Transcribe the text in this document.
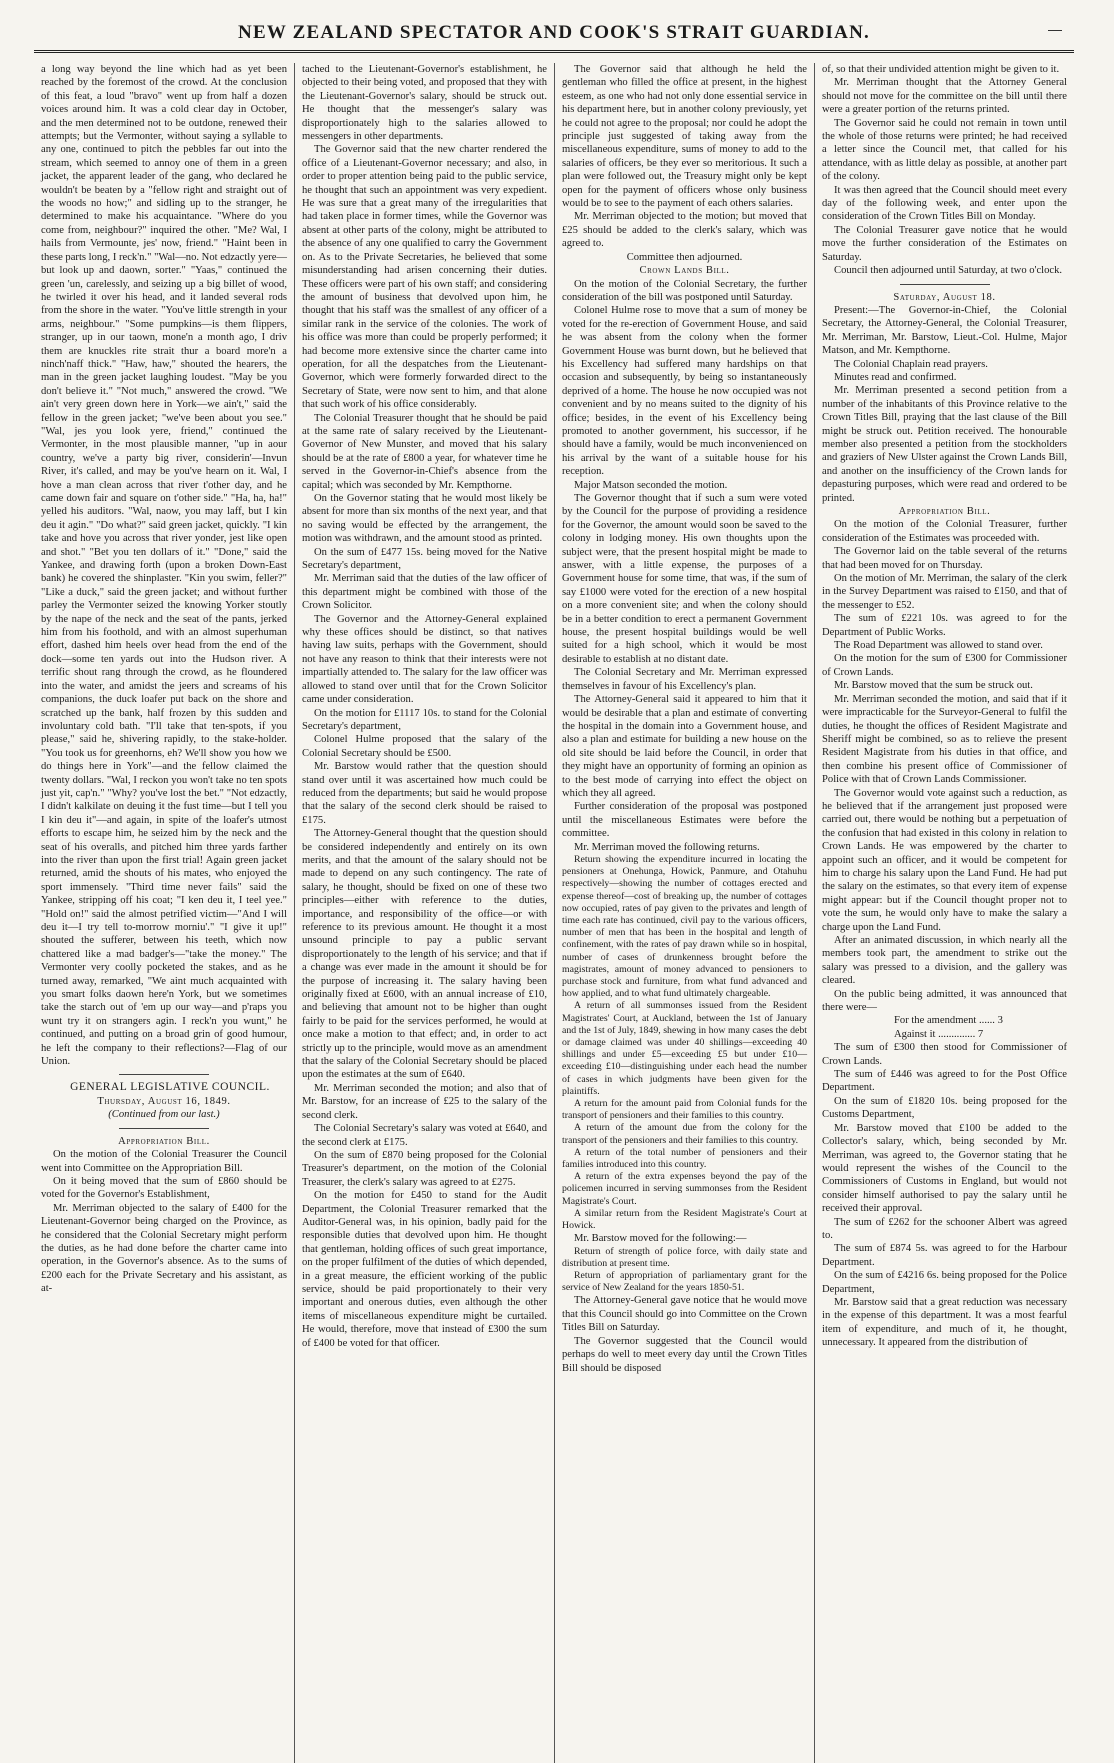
NEW ZEALAND SPECTATOR AND COOK'S STRAIT GUARDIAN.

a long way beyond the line which had as yet been reached by the foremost of the crowd. At the conclusion of this feat, a loud "bravo" went up from half a dozen voices around him. It was a cold clear day in October, and the men determined not to be outdone, renewed their attempts; but the Vermonter, without saying a syllable to any one, continued to pitch the pebbles far out into the stream, which seemed to annoy one of them in a green jacket, the apparent leader of the gang, who declared he wouldn't be beaten by a "fellow right and straight out of the woods no how;" and sidling up to the stranger, he determined to make his acquaintance. "Where do you come from, neighbour?" inquired the other. "Me? Wal, I hails from Vermounte, jes' now, friend." "Haint been in these parts long, I reck'n." "Wal—no. Not edzactly yere—but look up and daown, sorter." "Yaas," continued the green 'un, carelessly, and seizing up a big billet of wood, he twirled it over his head, and it landed several rods from the shore in the water. "You've little strength in your arms, neighbour." "Some pumpkins—is them flippers, stranger, up in our taown, mone'n a month ago, I driv them are knuckles rite strait thur a board more'n a ninch'naff thick." "Haw, haw," shouted the hearers, the man in the green jacket laughing loudest. "May be you don't believe it." "Not much," answered the crowd. "We ain't very green down here in York—we ain't," said the fellow in the green jacket; "we've been about you see." "Wal, jes you look yere, friend," continued the Vermonter, in the most plausible manner, "up in aour country, we've a party big river, considerin'—Invun River, it's called, and may be you've hearn on it. Wal, I hove a man clean across that river t'other day, and he came down fair and square on t'other side." "Ha, ha, ha!" yelled his auditors. "Wal, naow, you may laff, but I kin deu it agin." "Do what?" said green jacket, quickly. "I kin take and hove you across that river yonder, jest like open and shot." "Bet you ten dollars of it." "Done," said the Yankee, and drawing forth (upon a broken Down-East bank) he covered the shinplaster. "Kin you swim, feller?" "Like a duck," said the green jacket; and without further parley the Vermonter seized the knowing Yorker stoutly by the nape of the neck and the seat of the pants, jerked him from his foothold, and with an almost superhuman effort, dashed him heels over head from the end of the dock—some ten yards out into the Hudson river. A terrific shout rang through the crowd, as he floundered into the water, and amidst the jeers and screams of his companions, the duck loafer put back on the shore and scratched up the bank, half frozen by this sudden and involuntary cold bath. "I'll take that ten-spots, if you please," said he, shivering rapidly, to the stake-holder. "You took us for greenhorns, eh? We'll show you how we do things here in York"—and the fellow claimed the twenty dollars. "Wal, I reckon you won't take no ten spots just yit, cap'n." "Why? you've lost the bet." "Not edzactly, I didn't kalkilate on deuing it the fust time—but I tell you I kin deu it"—and again, in spite of the loafer's utmost efforts to escape him, he seized him by the neck and the seat of his overalls, and pitched him three yards farther into the river than upon the first trial! Again green jacket returned, amid the shouts of his mates, who enjoyed the sport immensely. "Third time never fails" said the Yankee, stripping off his coat; "I ken deu it, I teel yee." "Hold on!" said the almost petrified victim—"And I will deu it—I try tell to-morrow morniu'." "I give it up!" shouted the sufferer, between his teeth, which now chattered like a mad badger's—"take the money." The Vermonter very coolly pocketed the stakes, and as he turned away, remarked, "We aint much acquainted with you smart folks daown here'n York, but we sometimes take the starch out of 'em up our way—and p'raps you wunt try it on strangers agin. I reck'n you wunt," he continued, and putting on a broad grin of good humour, he left the company to their reflections?—Flag of our Union.

GENERAL LEGISLATIVE COUNCIL.

Thursday, August 16, 1849.

(Continued from our last.)

Appropriation Bill.

On the motion of the Colonial Treasurer the Council went into Committee on the Appropriation Bill.

On it being moved that the sum of £860 should be voted for the Governor's Establishment,

Mr. Merriman objected to the salary of £400 for the Lieutenant-Governor being charged on the Province, as he considered that the Colonial Secretary might perform the duties, as he had done before the charter came into operation, in the Governor's absence. As to the sums of £200 each for the Private Secretary and his assistant, as at-

tached to the Lieutenant-Governor's establishment, he objected to their being voted, and proposed that they with the Lieutenant-Governor's salary, should be struck out. He thought that the messenger's salary was disproportionately high to the salaries allowed to messengers in other departments.

The Governor said that the new charter rendered the office of a Lieutenant-Governor necessary; and also, in order to proper attention being paid to the public service, he thought that such an appointment was very expedient. He was sure that a great many of the irregularities that had taken place in former times, while the Governor was absent at other parts of the colony, might be attributed to the absence of any one qualified to carry the Government on. As to the Private Secretaries, he believed that some misunderstanding had arisen concerning their duties. These officers were part of his own staff; and considering the amount of business that devolved upon him, he thought that his staff was the smallest of any officer of a similar rank in the service of the colonies. The work of his office was more than could be properly performed; it had become more extensive since the charter came into operation, for all the despatches from the Lieutenant-Governor, which were formerly forwarded direct to the Secretary of State, were now sent to him, and that alone that such work of his office considerably.

The Colonial Treasurer thought that he should be paid at the same rate of salary received by the Lieutenant-Governor of New Munster, and moved that his salary should be at the rate of £800 a year, for whatever time he served in the Governor-in-Chief's absence from the capital; which was seconded by Mr. Kempthorne.

On the Governor stating that he would most likely be absent for more than six months of the next year, and that no saving would be effected by the arrangement, the motion was withdrawn, and the amount stood as printed.

On the sum of £477 15s. being moved for the Native Secretary's department,

Mr. Merriman said that the duties of the law officer of this department might be combined with those of the Crown Solicitor.

The Governor and the Attorney-General explained why these offices should be distinct, so that natives having law suits, perhaps with the Government, should not have any reason to think that their interests were not impartially attended to. The salary for the law officer was allowed to stand over until that for the Crown Solicitor came under consideration.

On the motion for £1117 10s. to stand for the Colonial Secretary's department,

Colonel Hulme proposed that the salary of the Colonial Secretary should be £500.

Mr. Barstow would rather that the question should stand over until it was ascertained how much could be reduced from the departments; but said he would propose that the salary of the second clerk should be raised to £175.

The Attorney-General thought that the question should be considered independently and entirely on its own merits, and that the amount of the salary should not be made to depend on any such contingency. The rate of salary, he thought, should be fixed on one of these two principles—either with reference to the duties, importance, and responsibility of the office—or with reference to its previous amount. He thought it a most unsound principle to pay a public servant disproportionately to the length of his service; and that if a change was ever made in the amount it should be for the purpose of increasing it. The salary having been originally fixed at £600, with an annual increase of £10, and believing that amount not to be higher than ought fairly to be paid for the services performed, he would at once make a motion to that effect; and, in order to act strictly up to the principle, would move as an amendment that the salary of the Colonial Secretary should be placed upon the estimates at the sum of £640.

Mr. Merriman seconded the motion; and also that of Mr. Barstow, for an increase of £25 to the salary of the second clerk.

The Colonial Secretary's salary was voted at £640, and the second clerk at £175.

On the sum of £870 being proposed for the Colonial Treasurer's department, on the motion of the Colonial Treasurer, the clerk's salary was agreed to at £275.

On the motion for £450 to stand for the Audit Department, the Colonial Treasurer remarked that the Auditor-General was, in his opinion, badly paid for the responsible duties that devolved upon him. He thought that gentleman, holding offices of such great importance, on the proper fulfilment of the duties of which depended, in a great measure, the efficient working of the public service, should be paid proportionately to their very important and onerous duties, even although the other items of miscellaneous expenditure might be curtailed. He would, therefore, move that instead of £300 the sum of £400 be voted for that officer.

The Governor said that although he held the gentleman who filled the office at present, in the highest esteem, as one who had not only done essential service in his department here, but in another colony previously, yet he could not agree to the proposal; nor could he adopt the principle just suggested of taking away from the miscellaneous expenditure, sums of money to add to the salaries of officers, be they ever so meritorious. It such a plan were followed out, the Treasury might only be kept open for the payment of officers whose only business would be to see to the payment of each others salaries.

Mr. Merriman objected to the motion; but moved that £25 should be added to the clerk's salary, which was agreed to.

Committee then adjourned.

Crown Lands Bill.

On the motion of the Colonial Secretary, the further consideration of the bill was postponed until Saturday.

Colonel Hulme rose to move that a sum of money be voted for the re-erection of Government House, and said he was absent from the colony when the former Government House was burnt down, but he believed that his Excellency had suffered many hardships on that occasion and subsequently, by being so instantaneously deprived of a home. The house he now occupied was not convenient and by no means suited to the dignity of his office; besides, in the event of his Excellency being promoted to another government, his successor, if he should have a family, would be much inconvenienced on his arrival by the want of a suitable house for his reception.

Major Matson seconded the motion.

The Governor thought that if such a sum were voted by the Council for the purpose of providing a residence for the Governor, the amount would soon be saved to the colony in lodging money. His own thoughts upon the subject were, that the present hospital might be made to answer, with a little expense, the purposes of a Government house for some time, that was, if the sum of say £1000 were voted for the erection of a new hospital on a more convenient site; and when the colony should be in a better condition to erect a permanent Government house, the present hospital buildings would be well suited for a high school, which it would be most desirable to establish at no distant date.

The Colonial Secretary and Mr. Merriman expressed themselves in favour of his Excellency's plan.

The Attorney-General said it appeared to him that it would be desirable that a plan and estimate of converting the hospital in the domain into a Government house, and also a plan and estimate for building a new house on the old site should be laid before the Council, in order that they might have an opportunity of forming an opinion as to the best mode of carrying into effect the object on which they all agreed.

Further consideration of the proposal was postponed until the miscellaneous Estimates were before the committee.

Mr. Merriman moved the following returns.

Return showing the expenditure incurred in locating the pensioners at Onehunga, Howick, Panmure, and Otahuhu respectively—showing the number of cottages erected and expense thereof—cost of breaking up, the number of cottages now occupied, rates of pay given to the privates and length of time each rate has continued, civil pay to the various officers, number of men that has been in the hospital and length of confinement, with the rates of pay drawn while so in hospital, number of cases of drunkenness brought before the magistrates, amount of money advanced to pensioners to purchase stock and furniture, from what fund advanced and how applied, and to what fund ultimately chargeable.

A return of all summonses issued from the Resident Magistrates' Court, at Auckland, between the 1st of January and the 1st of July, 1849, shewing in how many cases the debt or damage claimed was under 40 shillings—exceeding 40 shillings and under £5—exceeding £5 but under £10—exceeding £10—distinguishing under each head the number of cases in which judgments have been given for the plaintiffs.

A return for the amount paid from Colonial funds for the transport of pensioners and their families to this country.

A return of the amount due from the colony for the transport of the pensioners and their families to this country.

A return of the total number of pensioners and their families introduced into this country.

A return of the extra expenses beyond the pay of the policemen incurred in serving summonses from the Resident Magistrate's Court.

A similar return from the Resident Magistrate's Court at Howick.

Mr. Barstow moved for the following:—

Return of strength of police force, with daily state and distribution at present time.

Return of appropriation of parliamentary grant for the service of New Zealand for the years 1850-51.

The Attorney-General gave notice that he would move that this Council should go into Committee on the Crown Titles Bill on Saturday.

The Governor suggested that the Council would perhaps do well to meet every day until the Crown Titles Bill should be disposed

of, so that their undivided attention might be given to it.

Mr. Merriman thought that the Attorney General should not move for the committee on the bill until there were a greater portion of the returns printed.

The Governor said he could not remain in town until the whole of those returns were printed; he had received a letter since the Council met, that called for his attendance, with as little delay as possible, at another part of the colony.

It was then agreed that the Council should meet every day of the following week, and enter upon the consideration of the Crown Titles Bill on Monday.

The Colonial Treasurer gave notice that he would move the further consideration of the Estimates on Saturday.

Council then adjourned until Saturday, at two o'clock.

Saturday, August 18.

Present:—The Governor-in-Chief, the Colonial Secretary, the Attorney-General, the Colonial Treasurer, Mr. Merriman, Mr. Barstow, Lieut.-Col. Hulme, Major Matson, and Mr. Kempthorne.

The Colonial Chaplain read prayers.

Minutes read and confirmed.

Mr. Merriman presented a second petition from a number of the inhabitants of this Province relative to the Crown Titles Bill, praying that the last clause of the Bill might be struck out. Petition received. The honourable member also presented a petition from the stockholders and graziers of New Ulster against the Crown Lands Bill, and another on the insufficiency of the Crown lands for depasturing purposes, which were read and ordered to be printed.

Appropriation Bill.

On the motion of the Colonial Treasurer, further consideration of the Estimates was proceeded with.

The Governor laid on the table several of the returns that had been moved for on Thursday.

On the motion of Mr. Merriman, the salary of the clerk in the Survey Department was raised to £150, and that of the messenger to £52.

The sum of £221 10s. was agreed to for the Department of Public Works.

The Road Department was allowed to stand over.

On the motion for the sum of £300 for Commissioner of Crown Lands.

Mr. Barstow moved that the sum be struck out.

Mr. Merriman seconded the motion, and said that if it were impracticable for the Surveyor-General to fulfil the duties, he thought the offices of Resident Magistrate and Sheriff might be combined, so as to relieve the present Resident Magistrate from his duties in that office, and then combine his present office of Commissioner of Police with that of Crown Lands Commissioner.

The Governor would vote against such a reduction, as he believed that if the arrangement just proposed were carried out, there would be nothing but a perpetuation of the confusion that had existed in this colony in relation to Crown Lands. He was empowered by the charter to appoint such an officer, and it would be competent for him to charge his salary upon the Land Fund. He had put the salary on the estimates, so that every item of expense might appear: but if the Council thought proper not to vote the sum, he would only have to make the salary a charge upon the Land Fund.

After an animated discussion, in which nearly all the members took part, the amendment to strike out the salary was pressed to a division, and the gallery was cleared.

On the public being admitted, it was announced that there were—

For the amendment ...... 3

Against it .............. 7

The sum of £300 then stood for Commissioner of Crown Lands.

The sum of £446 was agreed to for the Post Office Department.

On the sum of £1820 10s. being proposed for the Customs Department,

Mr. Barstow moved that £100 be added to the Collector's salary, which, being seconded by Mr. Merriman, was agreed to, the Governor stating that he would represent the wishes of the Council to the Commissioners of Customs in England, but would not consider himself authorised to pay the salary until he received their approval.

The sum of £262 for the schooner Albert was agreed to.

The sum of £874 5s. was agreed to for the Harbour Department.

On the sum of £4216 6s. being proposed for the Police Department,

Mr. Barstow said that a great reduction was necessary in the expense of this department. It was a most fearful item of expenditure, and much of it, he thought, unnecessary. It appeared from the distribution of
